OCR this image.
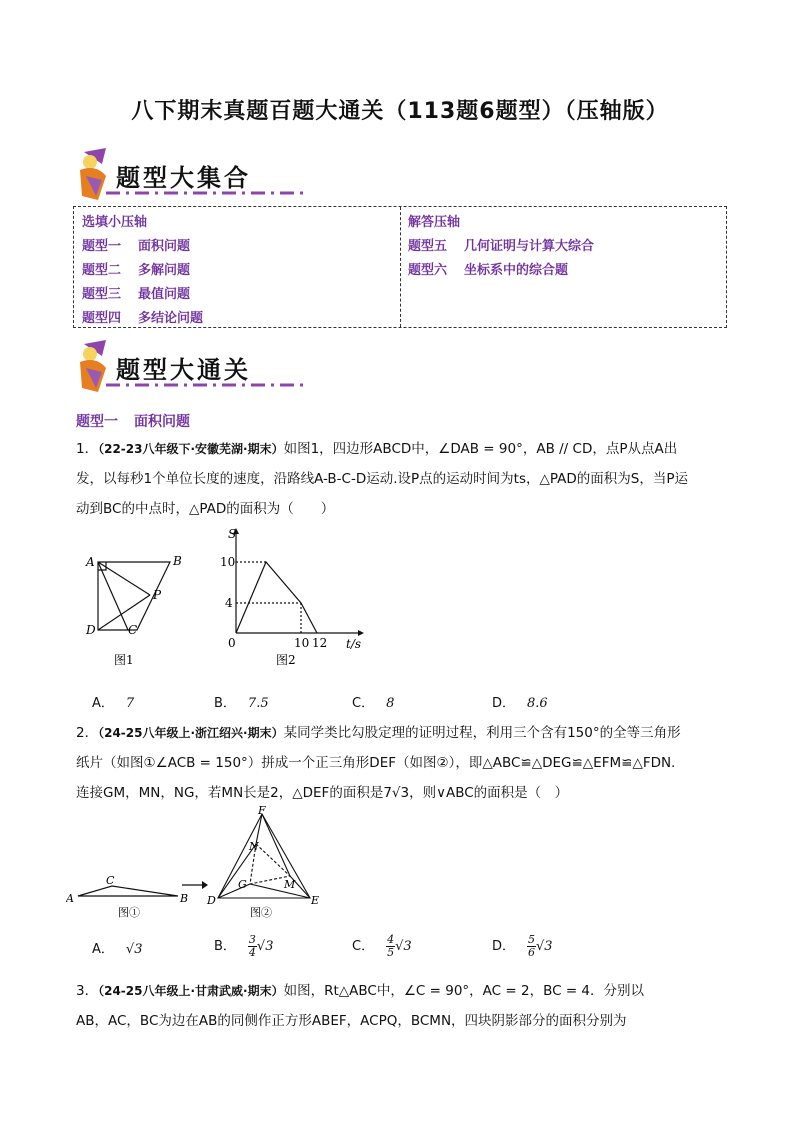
八下期末真题百题大通关（113题6题型）（压轴版）
题型大集合
选填小压轴
题型一 面积问题
题型二 多解问题
题型三 最值问题
题型四 多结论问题
解答压轴
题型五 几何证明与计算大综合
题型六 坐标系中的综合题
题型大通关
题型一 面积问题
1．（22-23八年级下·安徽芜湖·期末）如图1，四边形ABCD中，∠DAB = 90°，AB // CD，点P从点A出
发，以每秒1个单位长度的速度，沿路线A-B-C-D运动.设P点的运动时间为ts，△PAD的面积为S，当P运
动到BC的中点时，△PAD的面积为（　　）
A	B
P
D	C
图1
S
10
4
0	10 12 t/s
图2
A． 7	B． 7.5	C． 8	D． 8.6
2．（24-25八年级上·浙江绍兴·期末）某同学类比勾股定理的证明过程，利用三个含有150°的全等三角形
纸片（如图①∠ACB = 150°）拼成一个正三角形DEF（如图②），即△ABC≌△DEG≌△EFM≌△FDN．
连接GM，MN，NG，若MN长是2，△DEF的面积是7√3，则∨ABC的面积是（　）
A
C
B
图①
F
N
G	M
D	E
图②
A． √3	B． $\frac{3}{4} √3$	C． $\frac{4}{5} √3$	D． $\frac{5}{6} √3$
3．（24-25八年级上·甘肃武威·期末）如图，Rt△ABC中，∠C = 90°，AC = 2，BC = 4．分别以
AB，AC，BC为边在AB的同侧作正方形ABEF，ACPQ，BCMN，四块阴影部分的面积分别为
